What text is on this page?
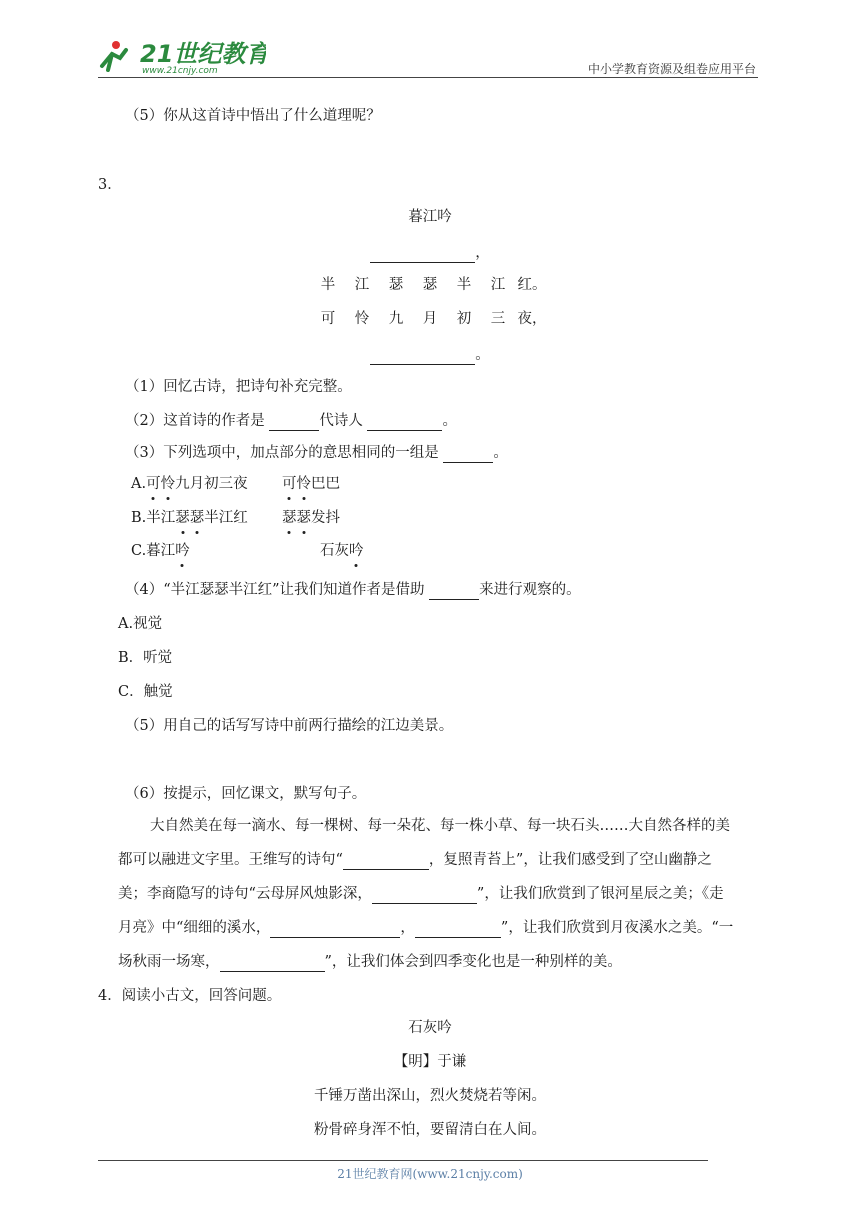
21世纪教育
www.21cnjy.com	中小学教育资源及组卷应用平台
（5）你从这首诗中悟出了什么道理呢？
3．
暮江吟
，
半 江 瑟 瑟 半 江 红。
可 怜 九 月 初 三 夜，
。
（1）回忆古诗，把诗句补充完整。
（2）这首诗的作者是	代诗人	。
（3）下列选项中，加点部分的意思相同的一组是	。
A.可怜九月初三夜 可怜巴巴
B.半江瑟瑟半江红 瑟瑟发抖
C.暮江吟	石灰吟
（4）“半江瑟瑟半江红”让我们知道作者是借助	来进行观察的。
A.视觉
B．听觉
C．触觉
（5）用自己的话写写诗中前两行描绘的江边美景。
（6）按提示，回忆课文，默写句子。
大自然美在每一滴水、每一棵树、每一朵花、每一株小草、每一块石头……大自然各样的美
都可以融进文字里。王维写的诗句“	，复照青苔上”，让我们感受到了空山幽静之
美；李商隐写的诗句“云母屏风烛影深，	”，让我们欣赏到了银河星辰之美；《走
月亮》中“细细的溪水，	，	”，让我们欣赏到月夜溪水之美。“一
场秋雨一场寒，	”，让我们体会到四季变化也是一种别样的美。
4．阅读小古文，回答问题。
石灰吟
【明】于谦
千锤万凿出深山，烈火焚烧若等闲。
粉骨碎身浑不怕，要留清白在人间。
21世纪教育网(www.21cnjy.com)
